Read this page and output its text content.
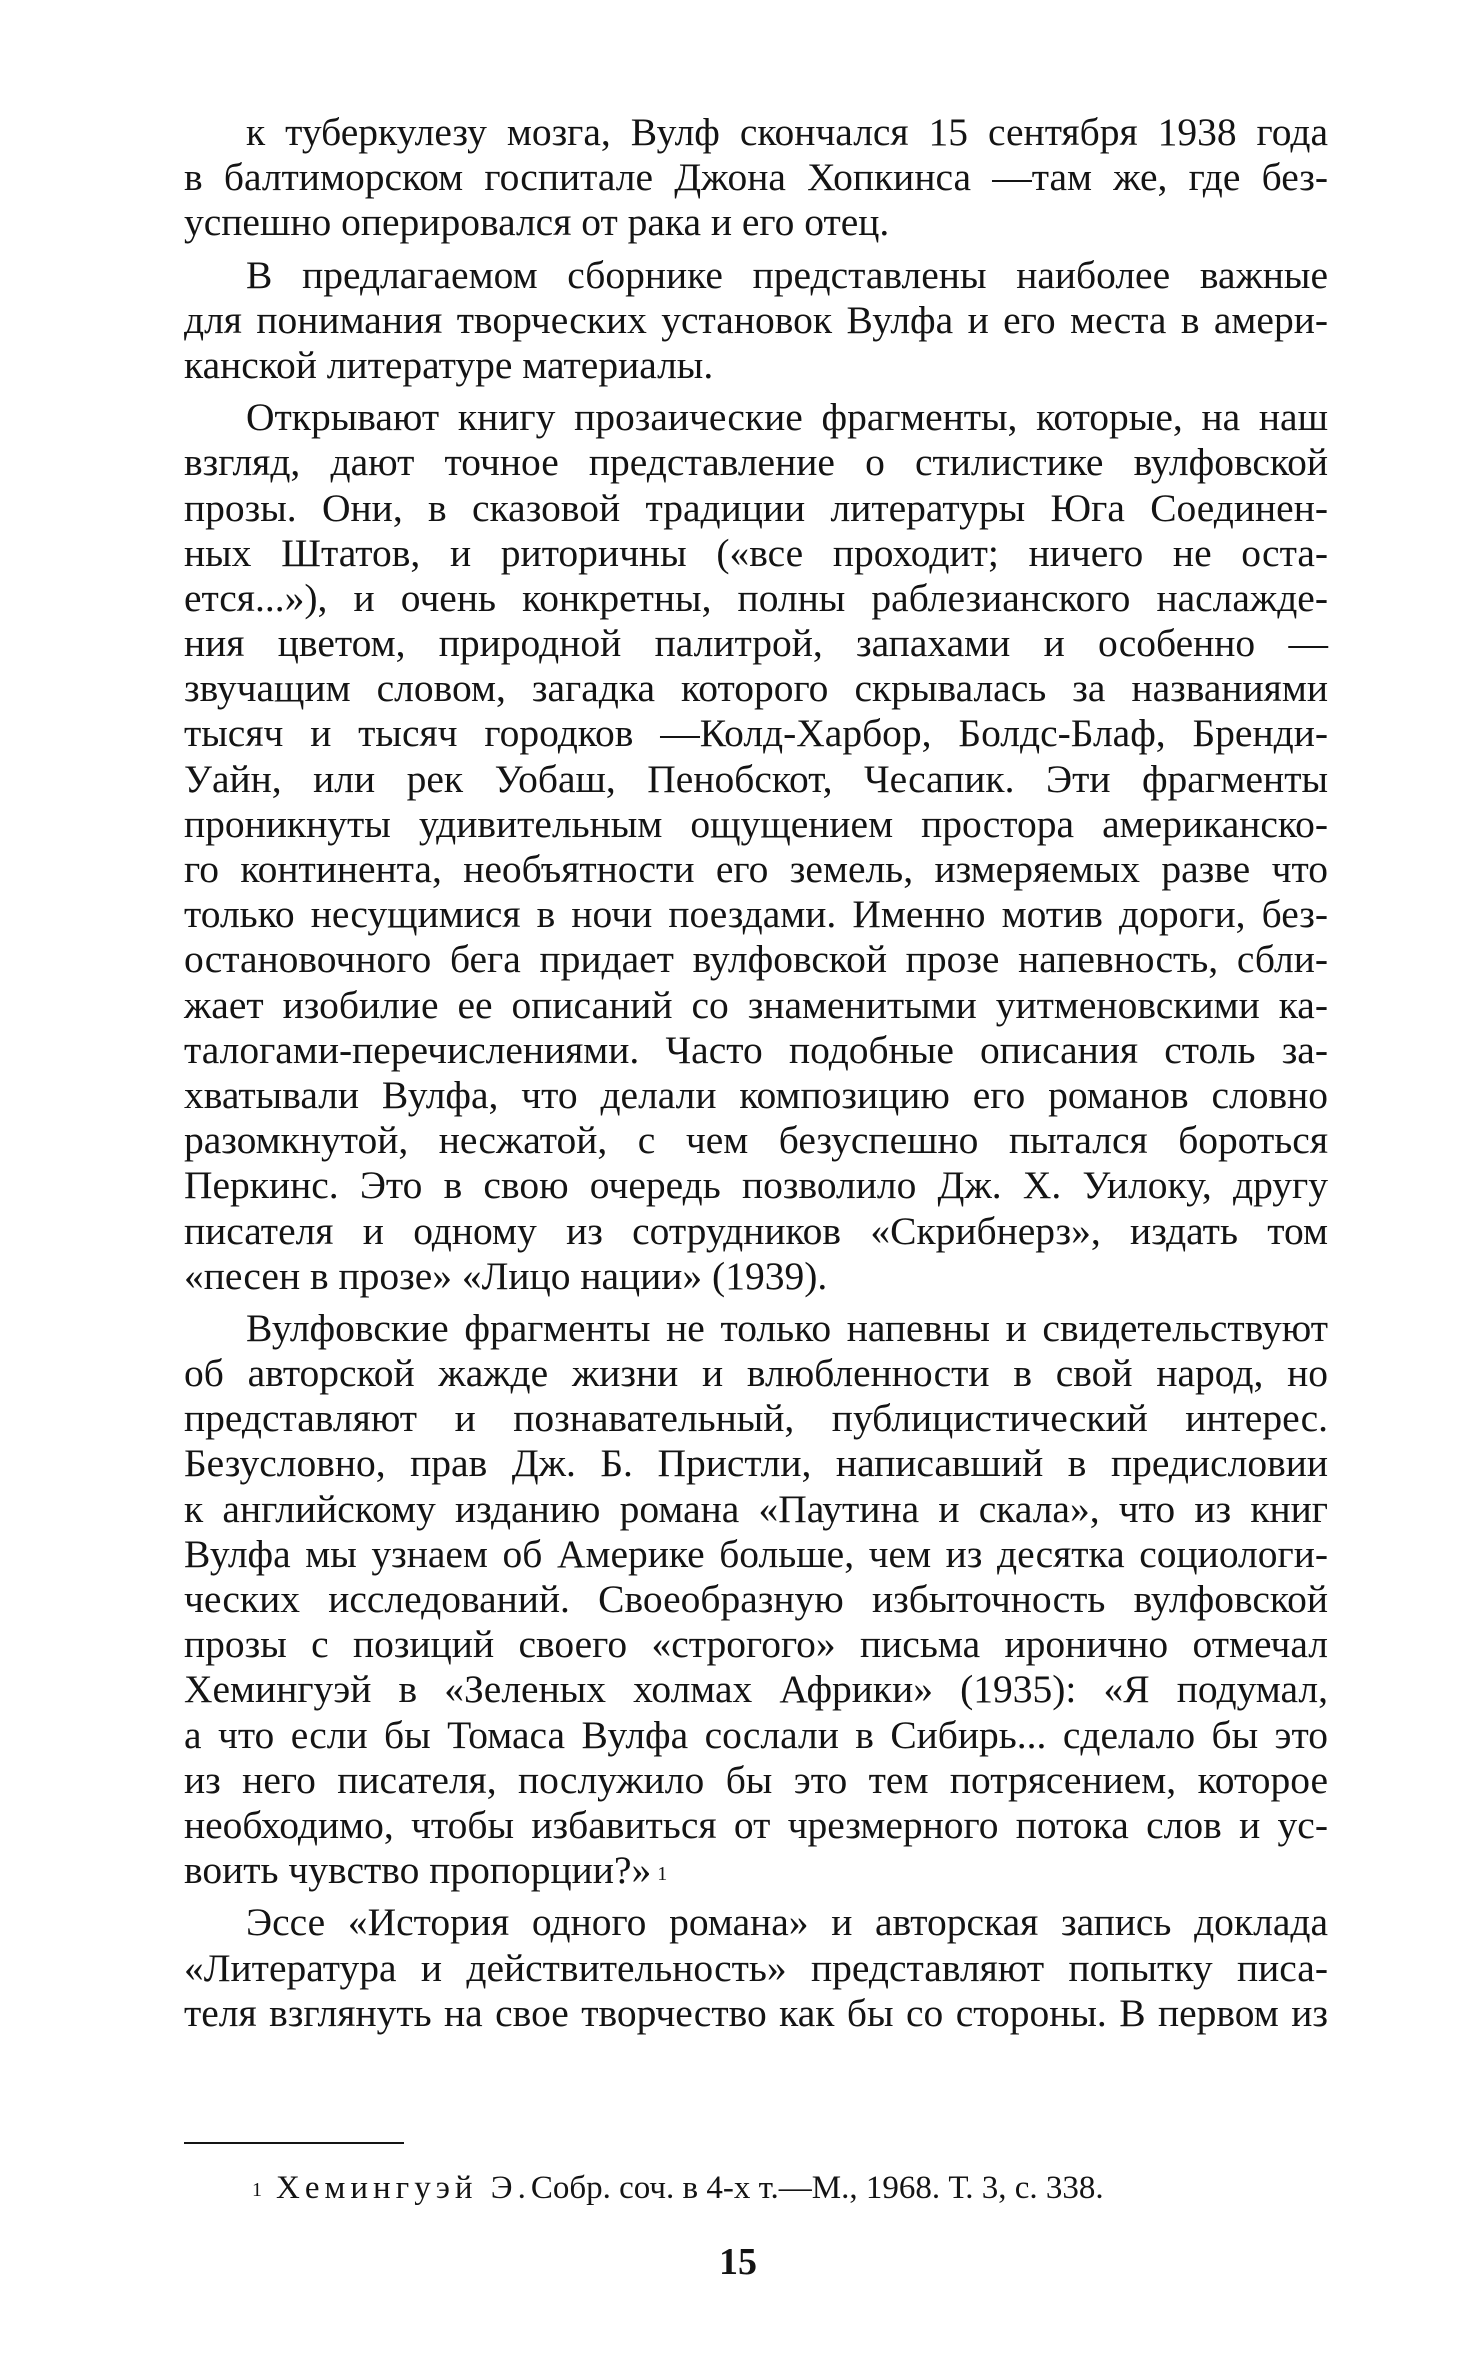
к туберкулезу мозга, Вулф скончался 15 сентября 1938 года
в балтиморском госпитале Джона Хопкинса —там же, где без-
успешно оперировался от рака и его отец.

В предлагаемом сборнике представлены наиболее важные
для понимания творческих установок Вулфа и его места в амери-
канской литературе материалы.

Открывают книгу прозаические фрагменты, которые, на наш
взгляд, дают точное представление о стилистике вулфовской
прозы. Они, в сказовой традиции литературы Юга Соединен-
ных Штатов, и риторичны («все проходит; ничего не оста-
ется...»), и очень конкретны, полны раблезианского наслажде-
ния цветом, природной палитрой, запахами и особенно —
звучащим словом, загадка которого скрывалась за названиями
тысяч и тысяч городков —Колд-Харбор, Болдс-Блаф, Бренди-
Уайн, или рек Уобаш, Пенобскот, Чесапик. Эти фрагменты
проникнуты удивительным ощущением простора американско-
го континента, необъятности его земель, измеряемых разве что
только несущимися в ночи поездами. Именно мотив дороги, без-
остановочного бега придает вулфовской прозе напевность, сбли-
жает изобилие ее описаний со знаменитыми уитменовскими ка-
талогами-перечислениями. Часто подобные описания столь за-
хватывали Вулфа, что делали композицию его романов словно
разомкнутой, несжатой, с чем безуспешно пытался бороться
Перкинс. Это в свою очередь позволило Дж. X. Уилоку, другу
писателя и одному из сотрудников «Скрибнерз», издать том
«песен в прозе» «Лицо нации» (1939).

Вулфовские фрагменты не только напевны и свидетельствуют
об авторской жажде жизни и влюбленности в свой народ, но
представляют и познавательный, публицистический интерес.
Безусловно, прав Дж. Б. Пристли, написавший в предисловии
к английскому изданию романа «Паутина и скала», что из книг
Вулфа мы узнаем об Америке больше, чем из десятка социологи-
ческих исследований. Своеобразную избыточность вулфовской
прозы с позиций своего «строгого» письма иронично отмечал
Хемингуэй в «Зеленых холмах Африки» (1935): «Я подумал,
а что если бы Томаса Вулфа сослали в Сибирь... сделало бы это
из него писателя, послужило бы это тем потрясением, которое
необходимо, чтобы избавиться от чрезмерного потока слов и ус-
воить чувство пропорции?» $^1$

Эссе «История одного романа» и авторская запись доклада
«Литература и действительность» представляют попытку писа-
теля взглянуть на свое творчество как бы со стороны. В первом из

$^1$ Хемингуэй Э.Собр. соч. в 4-х т.—М., 1968. Т. 3, с. 338.
15
